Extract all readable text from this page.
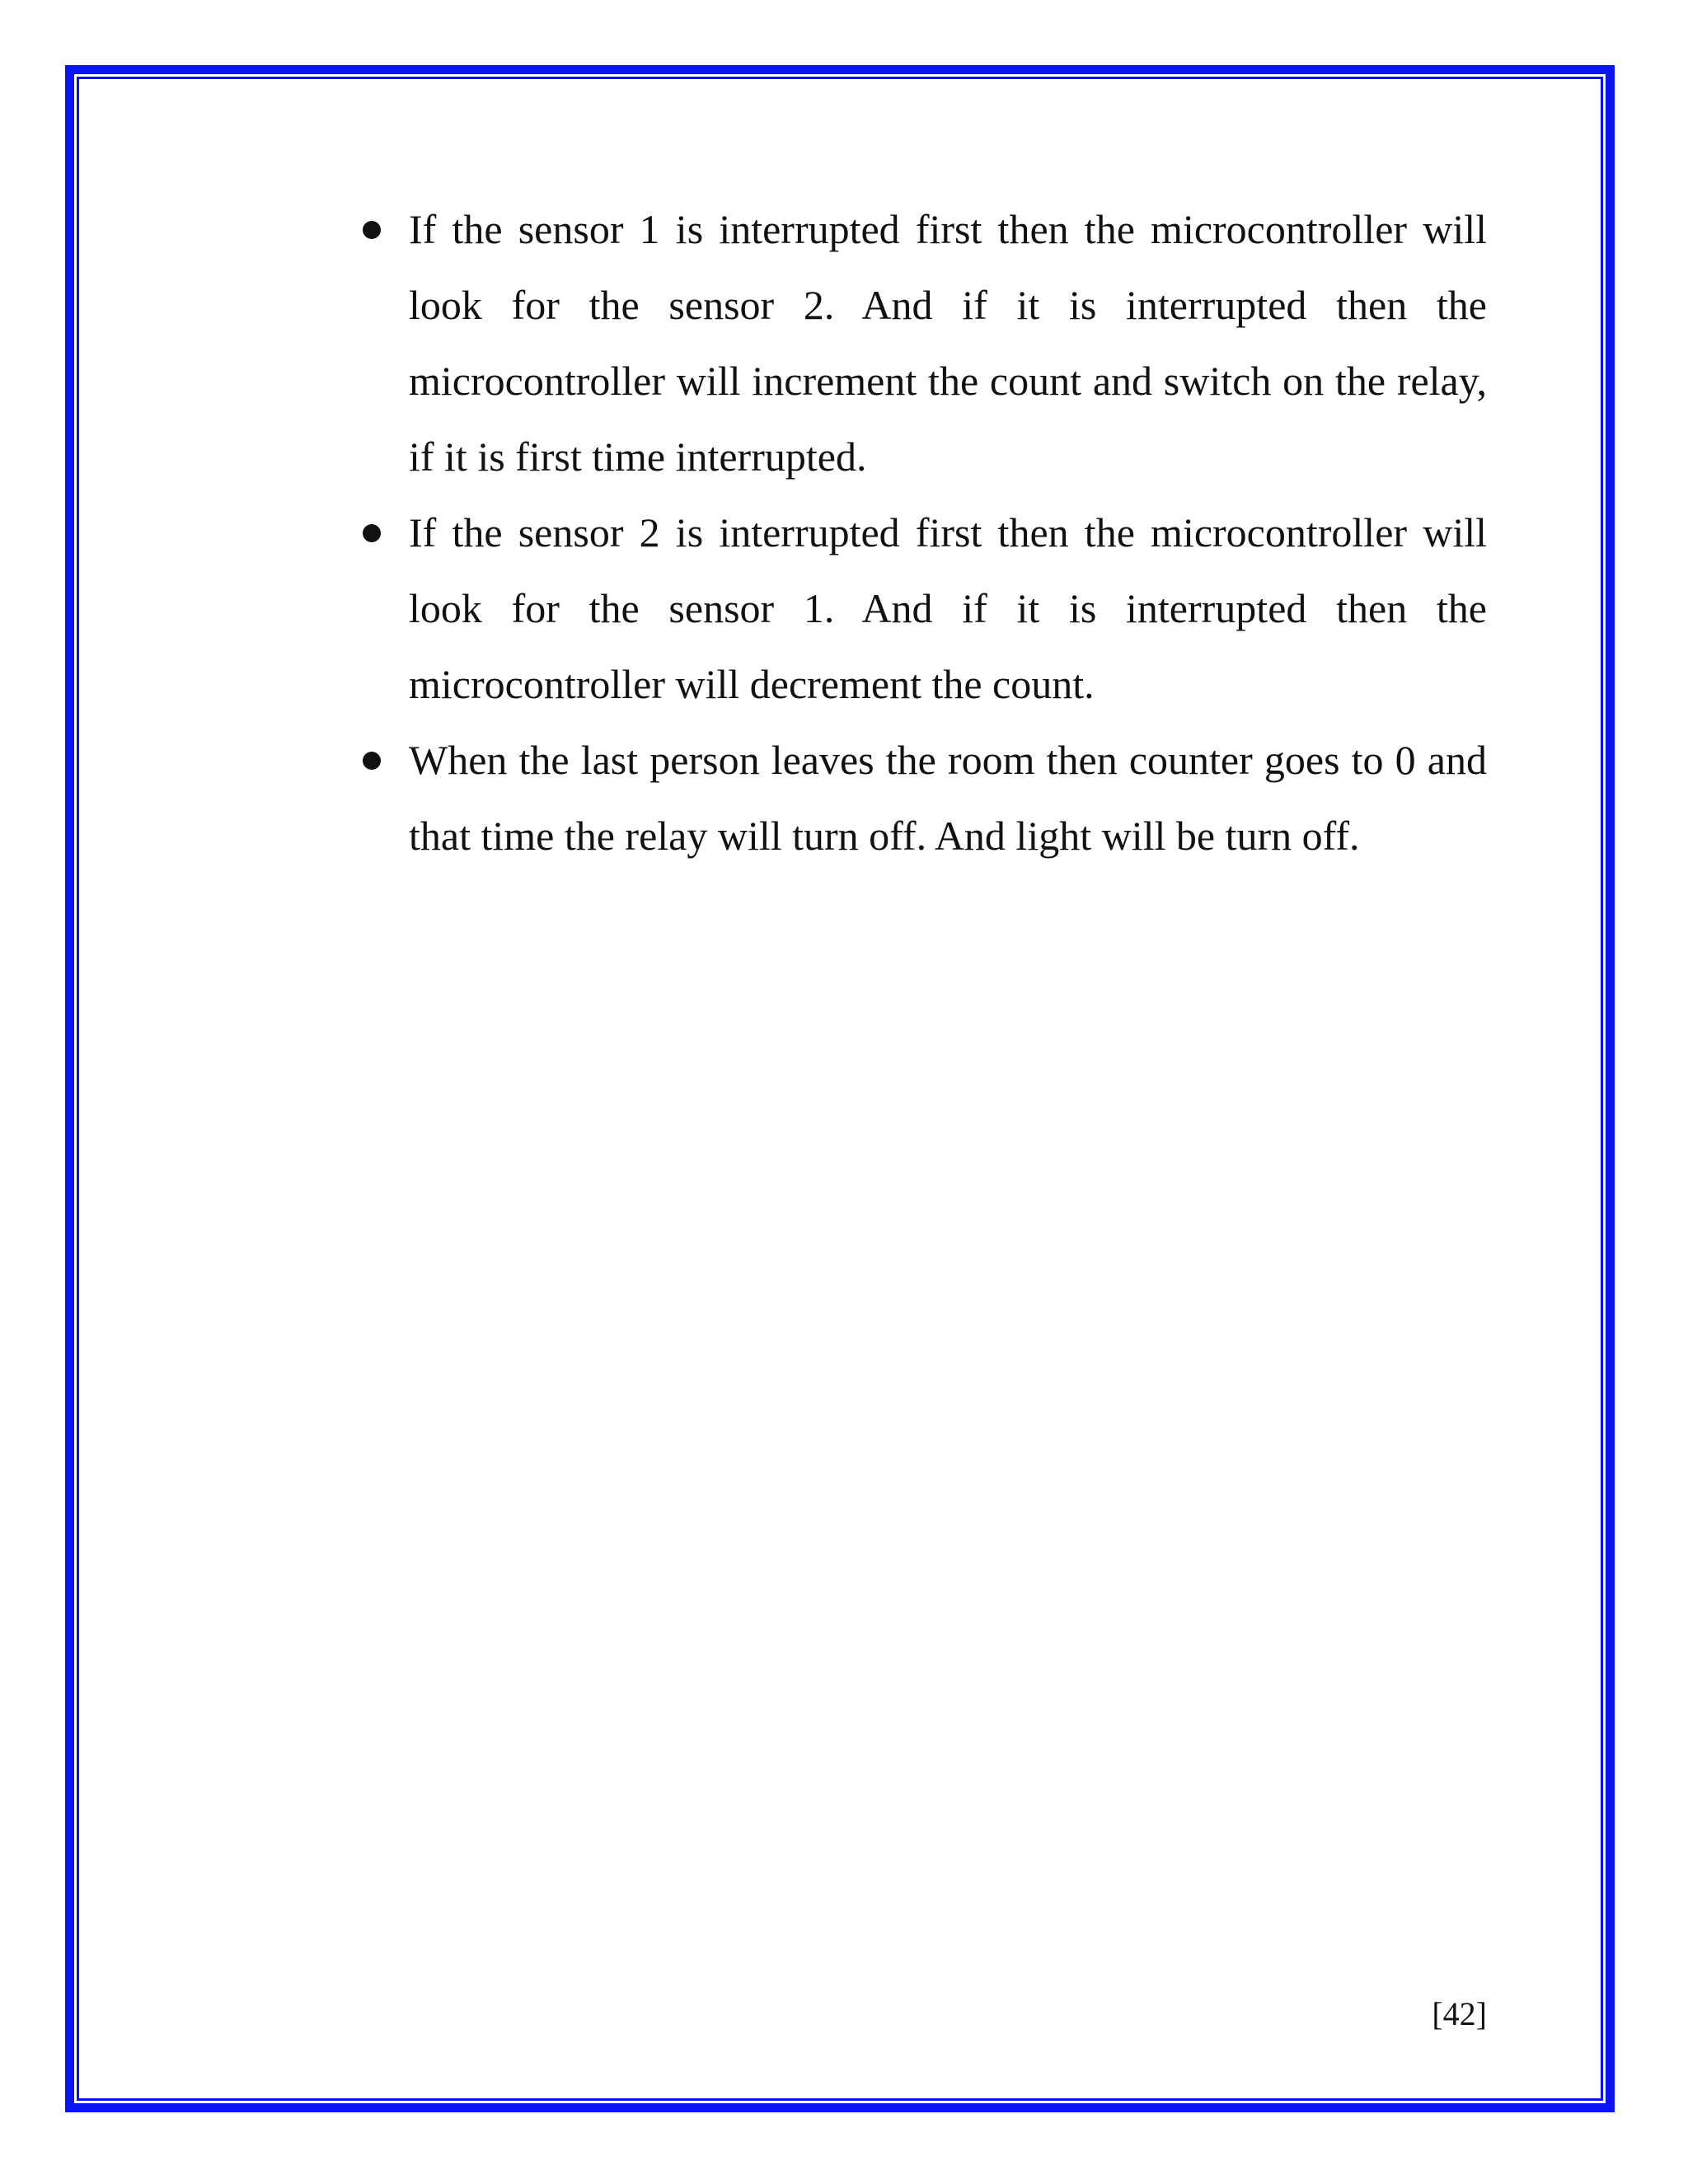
If the sensor 1 is interrupted first then the microcontroller will look for the sensor 2. And if it is interrupted then the microcontroller will increment the count and switch on the relay, if it is first time interrupted.
If the sensor 2 is interrupted first then the microcontroller will look for the sensor 1. And if it is interrupted then the microcontroller will decrement the count.
When the last person leaves the room then counter goes to 0 and that time the relay will turn off. And light will be turn off.
[42]
